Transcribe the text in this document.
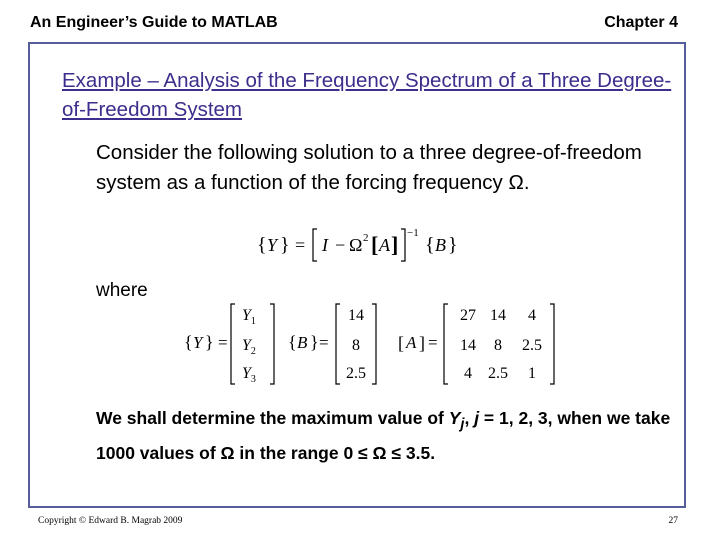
An Engineer’s Guide to MATLAB	Chapter 4
Example – Analysis of the Frequency Spectrum of a Three Degree-of-Freedom System
Consider the following solution to a three degree-of-freedom system as a function of the forcing frequency Ω.
{ Y } = I − Ω 2 [ A ] −1
{ B }
where
{ Y } =
$Y_1$
$Y_2$
$Y_3$
{ B } =
14
8
2.5
[ A ] =
27 14 4
14 8 2.5
4 2.5 1
We shall determine the maximum value of $Y_j$, j = 1, 2, 3, when we take 1000 values of Ω in the range 0 ≤ Ω ≤ 3.5.
Copyright © Edward B. Magrab 2009	27
